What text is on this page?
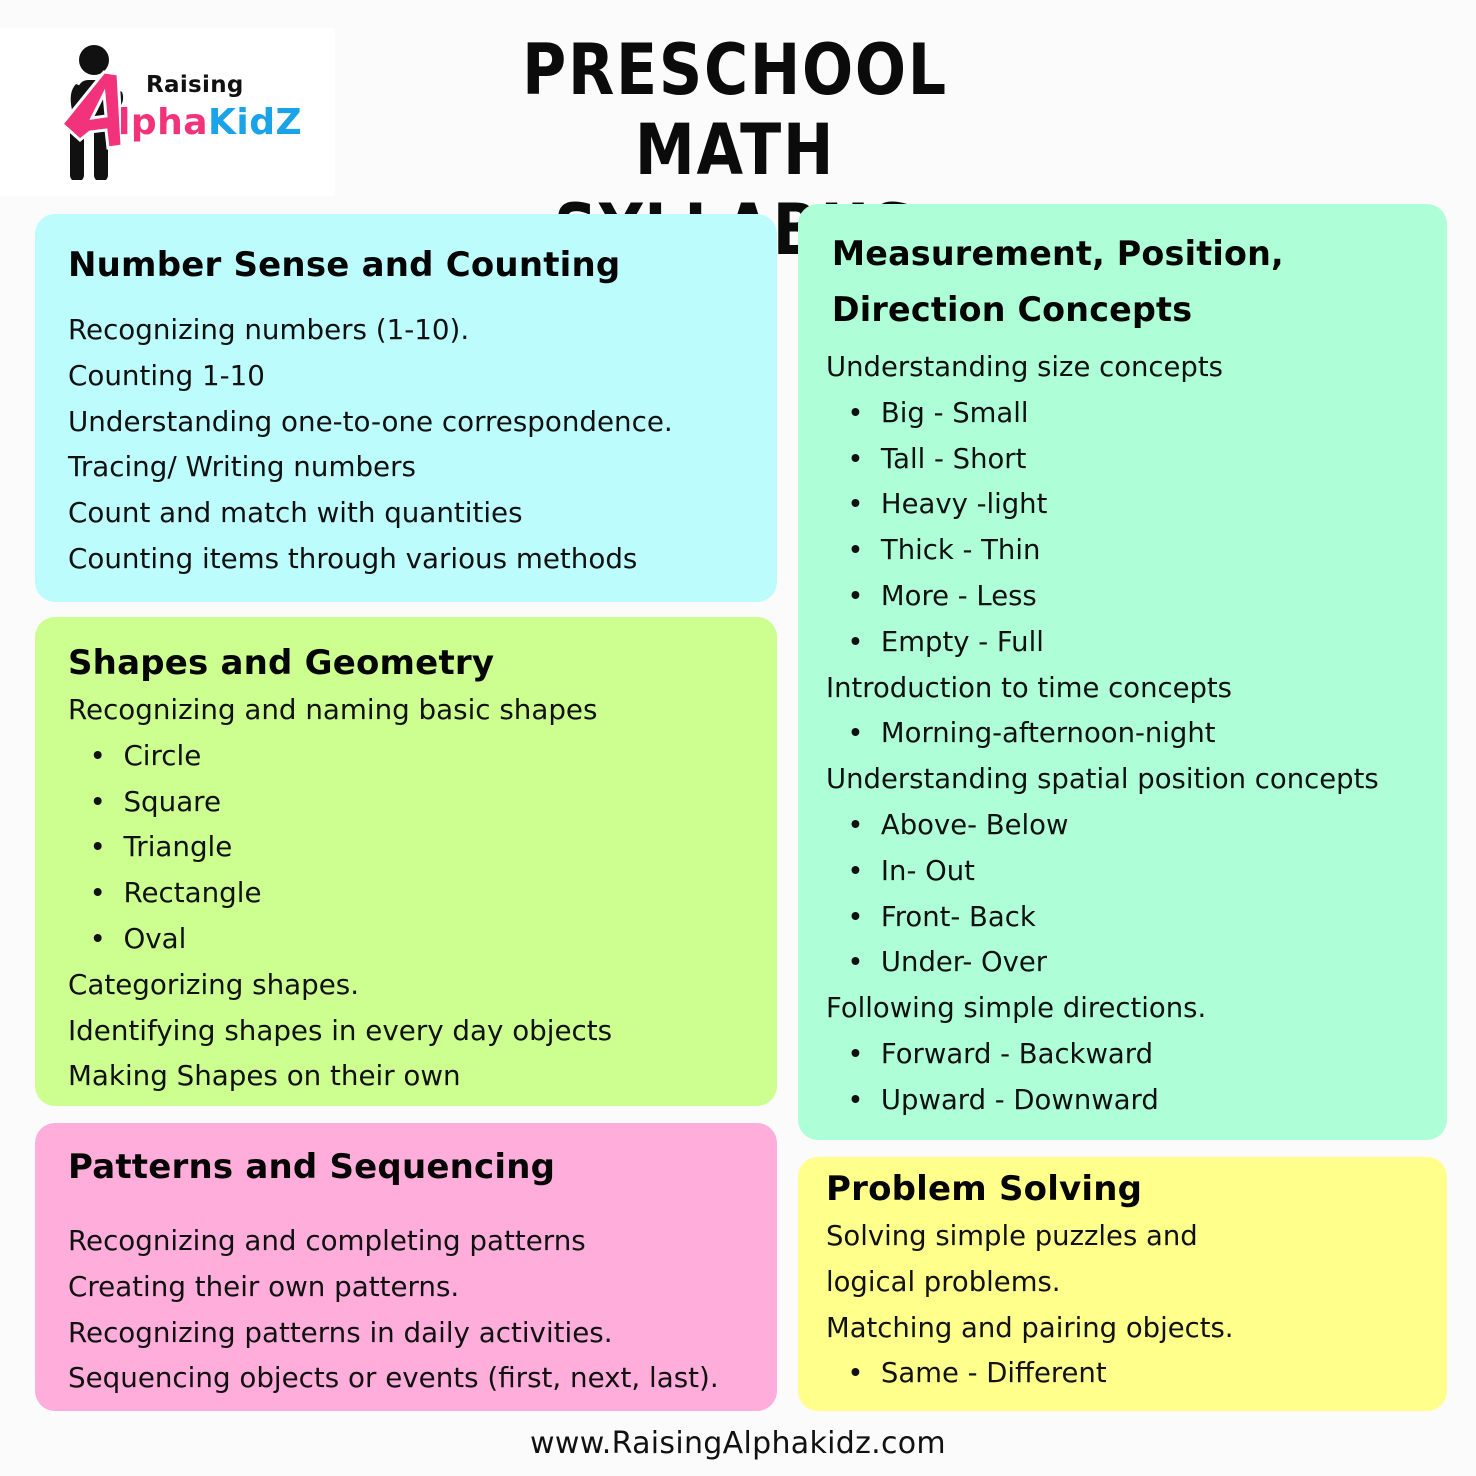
Raising
lphaKidZ
PRESCHOOL MATH
Number Sense and Counting
Recognizing numbers (1-10).
Counting 1-10
Understanding one-to-one correspondence.
Tracing/ Writing numbers
Count and match with quantities
Counting items through various methods
Shapes and Geometry
Recognizing and naming basic shapes
Circle
Square
Triangle
Rectangle
Oval
Categorizing shapes.
Identifying shapes in every day objects
Making Shapes on their own
Patterns and Sequencing
Recognizing and completing patterns
Creating their own patterns.
Recognizing patterns in daily activities.
Sequencing objects or events (first, next, last).
Measurement, Position,
Direction Concepts
Understanding size concepts
Big - Small
Tall - Short
Heavy -light
Thick - Thin
More - Less
Empty - Full
Introduction to time concepts
Morning-afternoon-night
Understanding spatial position concepts
Above- Below
In- Out
Front- Back
Under- Over
Following simple directions.
Forward - Backward
Upward - Downward
Problem Solving
Solving simple puzzles and
logical problems.
Matching and pairing objects.
Same - Different
www.RaisingAlphakidz.com
